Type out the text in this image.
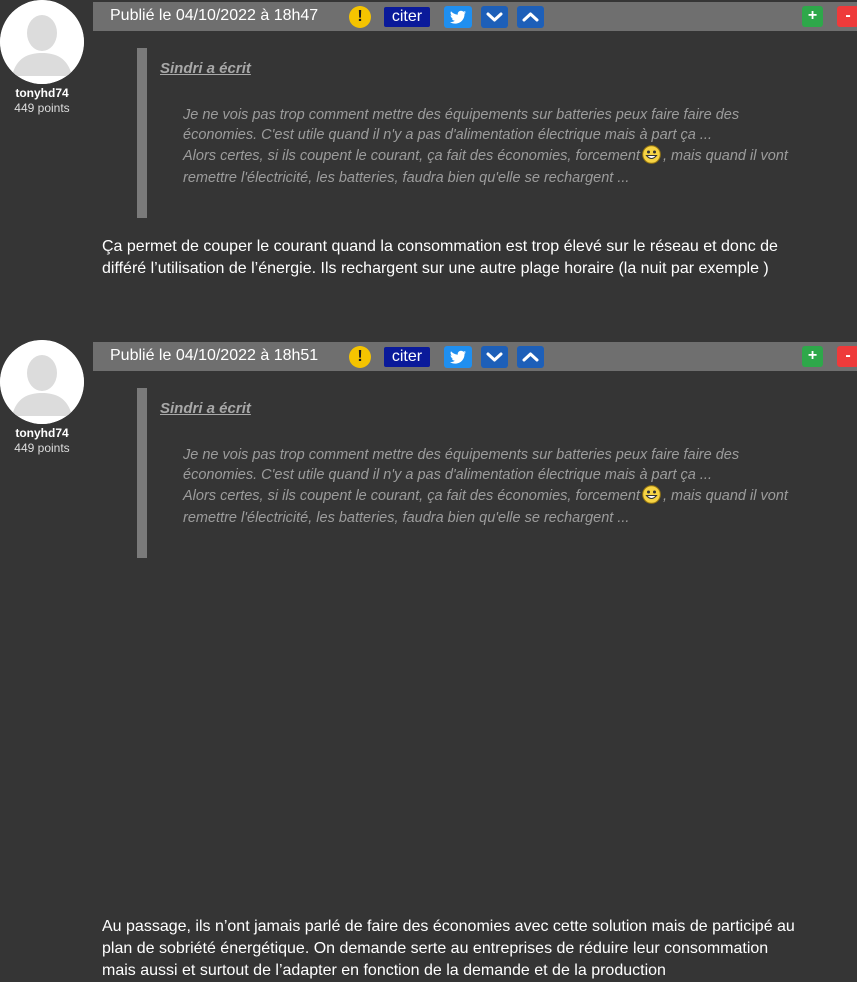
tonyhd74
449 points
Publié le 04/10/2022 à 18h47	!	citer	+	-
Sindri a écrit
Je ne vois pas trop comment mettre des équipements sur batteries peux faire faire des
économies. C'est utile quand il n'y a pas d'alimentation électrique mais à part ça ...
Alors certes, si ils coupent le courant, ça fait des économies, forcement , mais quand il vont

remettre l'électricité, les batteries, faudra bien qu'elle se rechargent ...
Ça permet de couper le courant quand la consommation est trop élevé sur le réseau et donc de
différé l’utilisation de l’énergie. Ils rechargent sur une autre plage horaire (la nuit par exemple )
tonyhd74
449 points
Publié le 04/10/2022 à 18h51	!	citer	+	-
Sindri a écrit
Je ne vois pas trop comment mettre des équipements sur batteries peux faire faire des
économies. C'est utile quand il n'y a pas d'alimentation électrique mais à part ça ...
Alors certes, si ils coupent le courant, ça fait des économies, forcement , mais quand il vont

remettre l'électricité, les batteries, faudra bien qu'elle se rechargent ...
Au passage, ils n’ont jamais parlé de faire des économies avec cette solution mais de participé au
plan de sobriété énergétique. On demande serte au entreprises de réduire leur consommation
mais aussi et surtout de l’adapter en fonction de la demande et de la production
